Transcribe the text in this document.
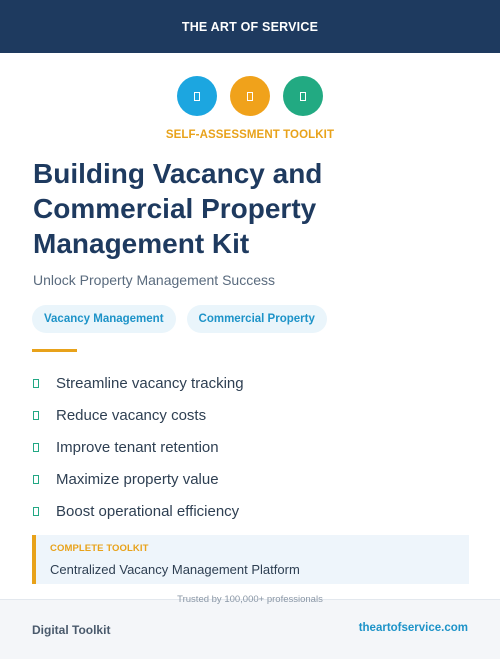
THE ART OF SERVICE
SELF-ASSESSMENT TOOLKIT
Building Vacancy and Commercial Property Management Kit
Unlock Property Management Success
Vacancy Management	Commercial Property
Streamline vacancy tracking
Reduce vacancy costs
Improve tenant retention
Maximize property value
Boost operational efficiency
COMPLETE TOOLKIT
Centralized Vacancy Management Platform
Trusted by 100,000+ professionals
Digital Toolkit	theartofservice.com
